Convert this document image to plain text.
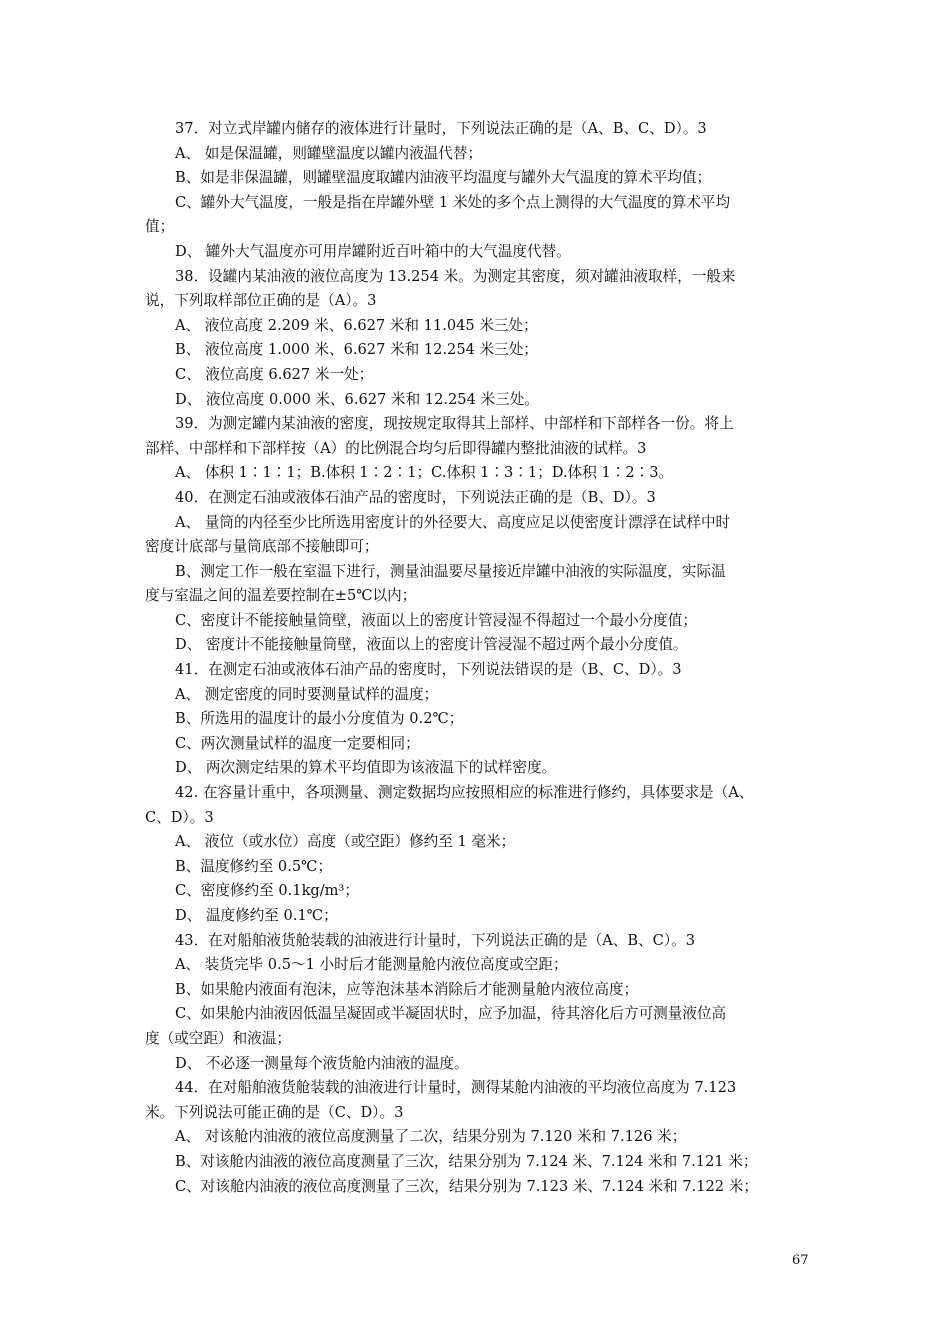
37．对立式岸罐内储存的液体进行计量时，下列说法正确的是（A、B、C、D）。3
A、 如是保温罐，则罐壁温度以罐内液温代替；
B、如是非保温罐，则罐壁温度取罐内油液平均温度与罐外大气温度的算术平均值；
C、罐外大气温度，一般是指在岸罐外壁 1 米处的多个点上测得的大气温度的算术平均
值；
D、 罐外大气温度亦可用岸罐附近百叶箱中的大气温度代替。
38．设罐内某油液的液位高度为 13.254 米。为测定其密度，须对罐油液取样，一般来
说，下列取样部位正确的是（A）。3
A、 液位高度 2.209 米、6.627 米和 11.045 米三处；
B、 液位高度 1.000 米、6.627 米和 12.254 米三处；
C、 液位高度 6.627 米一处；
D、 液位高度 0.000 米、6.627 米和 12.254 米三处。
39．为测定罐内某油液的密度，现按规定取得其上部样、中部样和下部样各一份。将上
部样、中部样和下部样按（A）的比例混合均匀后即得罐内整批油液的试样。3
A、 体积 1∶1∶1；B.体积 1∶2∶1；C.体积 1∶3∶1；D.体积 1∶2∶3。
40．在测定石油或液体石油产品的密度时，下列说法正确的是（B、D）。3
A、 量筒的内径至少比所选用密度计的外径要大、高度应足以使密度计漂浮在试样中时
密度计底部与量筒底部不接触即可；
B、测定工作一般在室温下进行，测量油温要尽量接近岸罐中油液的实际温度，实际温
度与室温之间的温差要控制在±5℃以内；
C、密度计不能接触量筒壁，液面以上的密度计管浸湿不得超过一个最小分度值；
D、 密度计不能接触量筒壁，液面以上的密度计管浸湿不超过两个最小分度值。
41．在测定石油或液体石油产品的密度时，下列说法错误的是（B、C、D）。3
A、 测定密度的同时要测量试样的温度；
B、所选用的温度计的最小分度值为 0.2℃；
C、两次测量试样的温度一定要相同；
D、 两次测定结果的算术平均值即为该液温下的试样密度。
42. 在容量计重中，各项测量、测定数据均应按照相应的标准进行修约，具体要求是（A、
C、D）。3
A、 液位（或水位）高度（或空距）修约至 1 毫米；
B、温度修约至 0.5℃；
C、密度修约至 0.1kg/m³；
D、 温度修约至 0.1℃；
43．在对船舶液货舱装载的油液进行计量时，下列说法正确的是（A、B、C）。3
A、 装货完毕 0.5～1 小时后才能测量舱内液位高度或空距；
B、如果舱内液面有泡沫，应等泡沫基本消除后才能测量舱内液位高度；
C、如果舱内油液因低温呈凝固或半凝固状时，应予加温，待其溶化后方可测量液位高
度（或空距）和液温；
D、 不必逐一测量每个液货舱内油液的温度。
44．在对船舶液货舱装载的油液进行计量时，测得某舱内油液的平均液位高度为 7.123
米。下列说法可能正确的是（C、D）。3
A、 对该舱内油液的液位高度测量了二次，结果分别为 7.120 米和 7.126 米；
B、对该舱内油液的液位高度测量了三次，结果分别为 7.124 米、7.124 米和 7.121 米；
C、对该舱内油液的液位高度测量了三次，结果分别为 7.123 米、7.124 米和 7.122 米；
67
